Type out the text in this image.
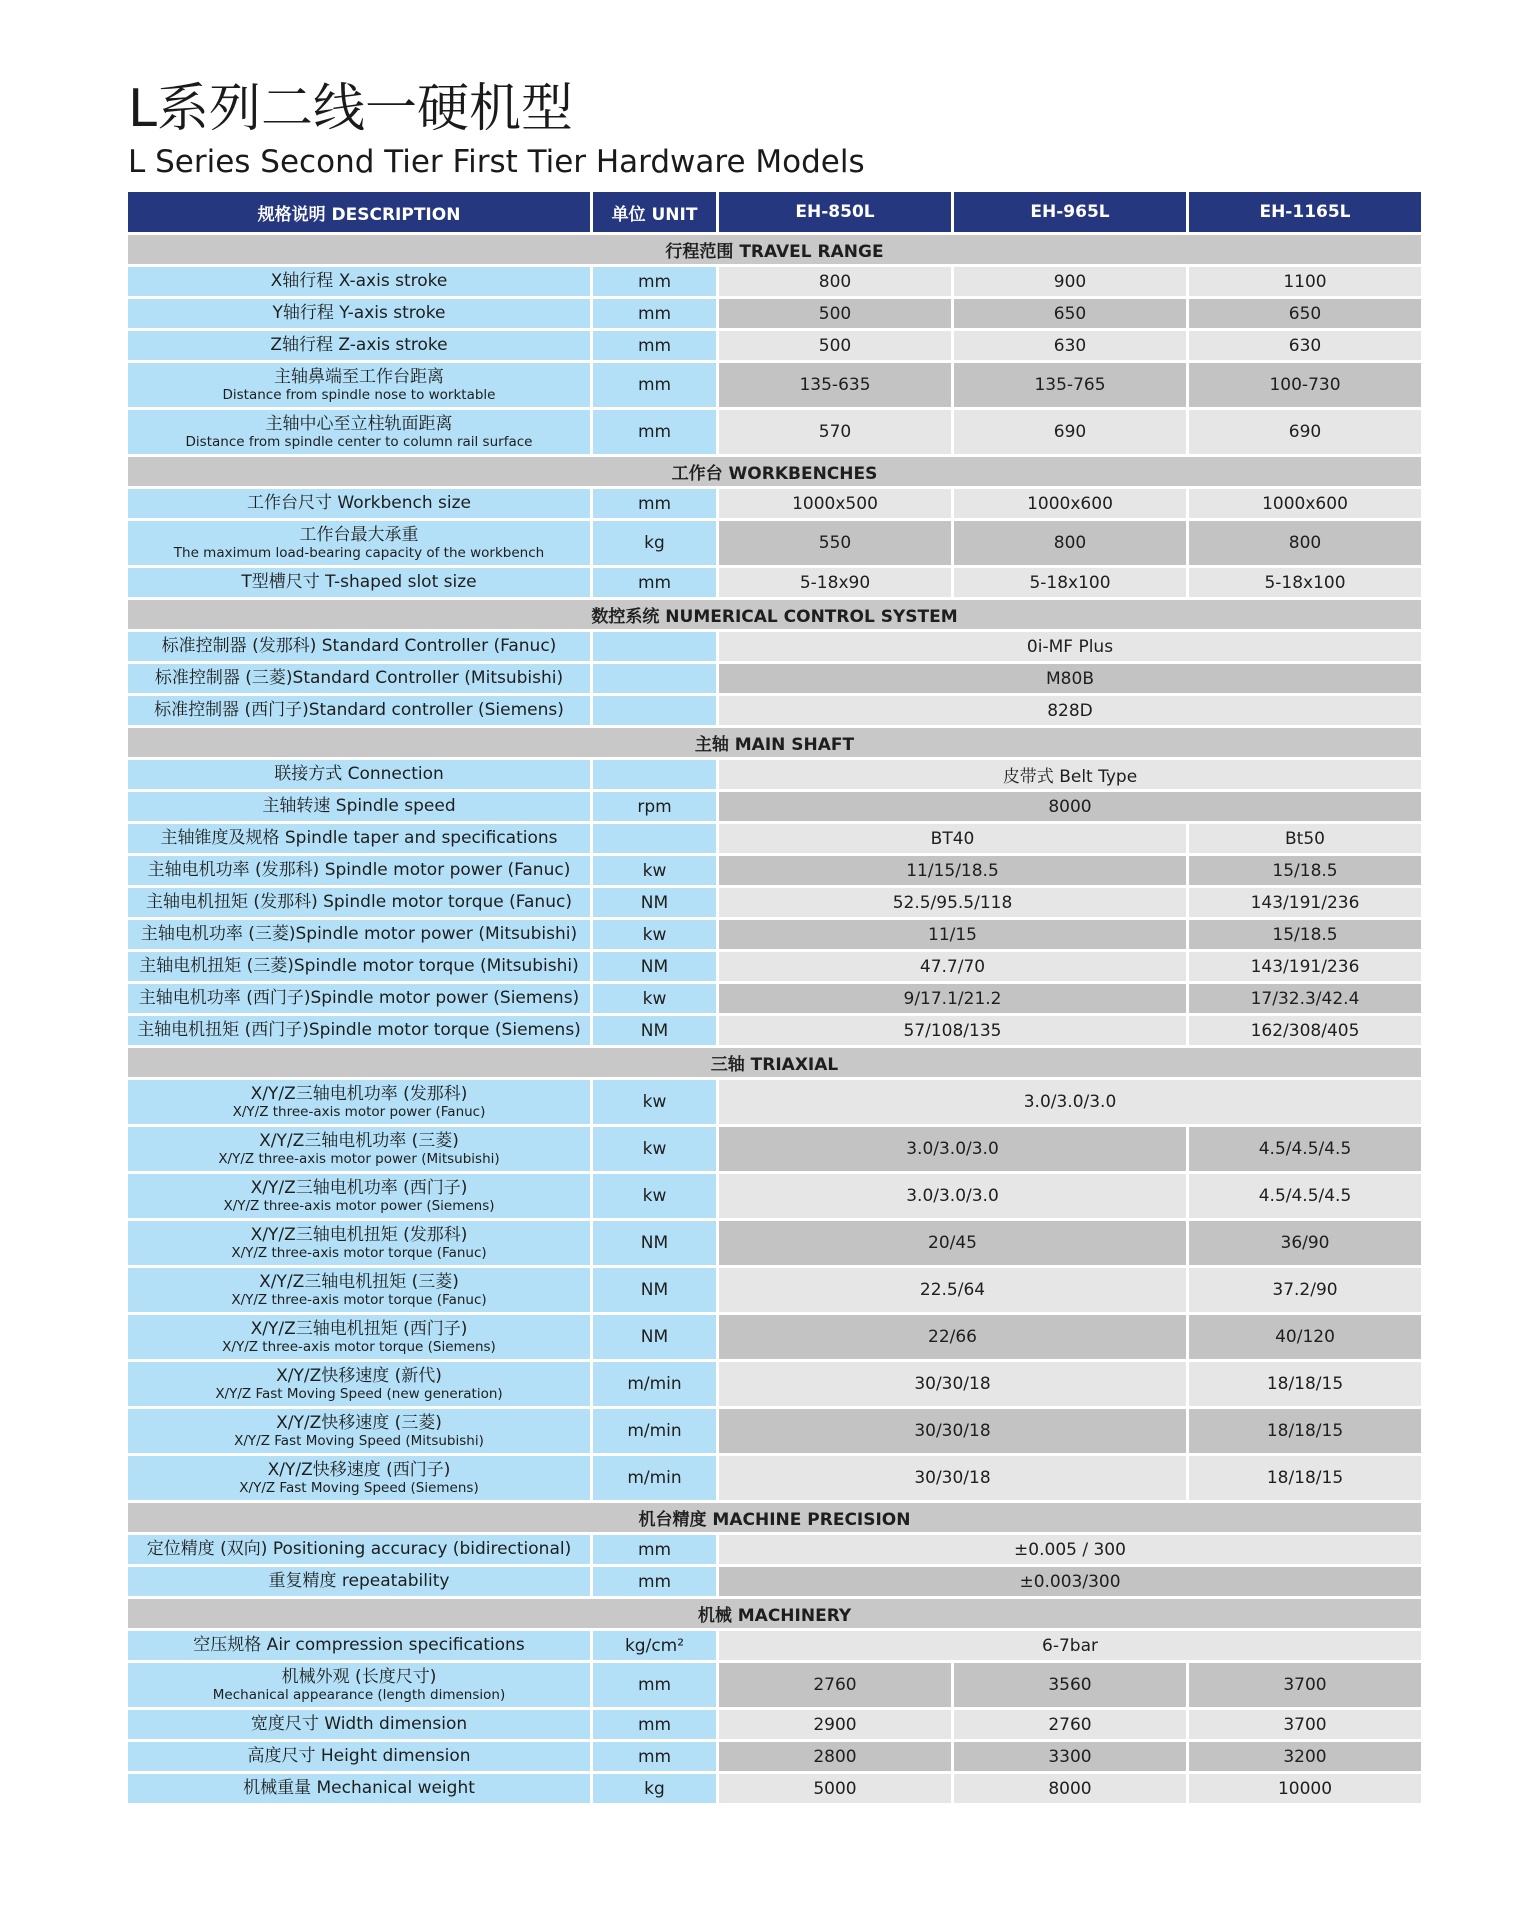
L系列二线一硬机型
L Series Second Tier First Tier Hardware Models
规格说明 DESCRIPTION	单位 UNIT	EH-850L	EH-965L	EH-1165L
行程范围 TRAVEL RANGE				
X轴行程 X-axis stroke	mm	800	900	1100
Y轴行程 Y-axis stroke	mm	500	650	650
Z轴行程 Z-axis stroke	mm	500	630	630
主轴鼻端至工作台距离
Distance from spindle nose to worktable	mm	135-635	135-765	100-730
主轴中心至立柱轨面距离
Distance from spindle center to column rail surface	mm	570	690	690
工作台 WORKBENCHES				
工作台尺寸 Workbench size	mm	1000x500	1000x600	1000x600
工作台最大承重
The maximum load-bearing capacity of the workbench	kg	550	800	800
T型槽尺寸 T-shaped slot size	mm	5-18x90	5-18x100	5-18x100
数控系统 NUMERICAL CONTROL SYSTEM				
标准控制器 (发那科) Standard Controller (Fanuc)		0i-MF Plus		
标准控制器 (三菱)Standard Controller (Mitsubishi)		M80B		
标准控制器 (西门子)Standard controller (Siemens)		828D		
主轴 MAIN SHAFT				
联接方式 Connection		皮带式 Belt Type		
主轴转速 Spindle speed	rpm	8000		
主轴锥度及规格 Spindle taper and specifications		BT40		Bt50
主轴电机功率 (发那科) Spindle motor power (Fanuc)	kw	11/15/18.5		15/18.5
主轴电机扭矩 (发那科) Spindle motor torque (Fanuc)	NM	52.5/95.5/118		143/191/236
主轴电机功率 (三菱)Spindle motor power (Mitsubishi)	kw	11/15		15/18.5
主轴电机扭矩 (三菱)Spindle motor torque (Mitsubishi)	NM	47.7/70		143/191/236
主轴电机功率 (西门子)Spindle motor power (Siemens)	kw	9/17.1/21.2		17/32.3/42.4
主轴电机扭矩 (西门子)Spindle motor torque (Siemens)	NM	57/108/135		162/308/405
三轴 TRIAXIAL				
X/Y/Z三轴电机功率 (发那科)
X/Y/Z three-axis motor power (Fanuc)	kw	3.0/3.0/3.0		
X/Y/Z三轴电机功率 (三菱)
X/Y/Z three-axis motor power (Mitsubishi)	kw	3.0/3.0/3.0		4.5/4.5/4.5
X/Y/Z三轴电机功率 (西门子)
X/Y/Z three-axis motor power (Siemens)	kw	3.0/3.0/3.0		4.5/4.5/4.5
X/Y/Z三轴电机扭矩 (发那科)
X/Y/Z three-axis motor torque (Fanuc)	NM	20/45		36/90
X/Y/Z三轴电机扭矩 (三菱)
X/Y/Z three-axis motor torque (Fanuc)	NM	22.5/64		37.2/90
X/Y/Z三轴电机扭矩 (西门子)
X/Y/Z three-axis motor torque (Siemens)	NM	22/66		40/120
X/Y/Z快移速度 (新代)
X/Y/Z Fast Moving Speed (new generation)	m/min	30/30/18		18/18/15
X/Y/Z快移速度 (三菱)
X/Y/Z Fast Moving Speed (Mitsubishi)	m/min	30/30/18		18/18/15
X/Y/Z快移速度 (西门子)
X/Y/Z Fast Moving Speed (Siemens)	m/min	30/30/18		18/18/15
机台精度 MACHINE PRECISION				
定位精度 (双向) Positioning accuracy (bidirectional)	mm	±0.005 / 300		
重复精度 repeatability	mm	±0.003/300		
机械 MACHINERY				
空压规格 Air compression specifications	kg/cm²	6-7bar		
机械外观 (长度尺寸)
Mechanical appearance (length dimension)	mm	2760	3560	3700
宽度尺寸 Width dimension	mm	2900	2760	3700
高度尺寸 Height dimension	mm	2800	3300	3200
机械重量 Mechanical weight	kg	5000	8000	10000
